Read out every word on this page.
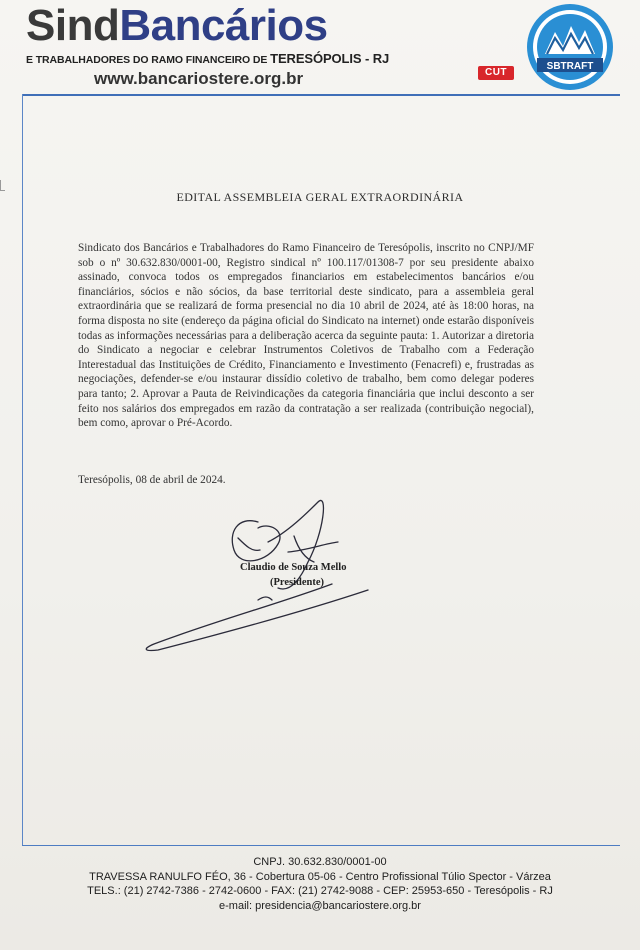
SindBancários
E TRABALHADORES DO RAMO FINANCEIRO DE TERESÓPOLIS - RJ
www.bancariostere.org.br	CUT
SBTRAFT
EDITAL ASSEMBLEIA GERAL EXTRAORDINÁRIA
Sindicato dos Bancários e Trabalhadores do Ramo Financeiro de Teresópolis, inscrito no CNPJ/MF sob o nº 30.632.830/0001-00, Registro sindical nº 100.117/01308-7 por seu presidente abaixo assinado, convoca todos os empregados financiarios em estabelecimentos bancários e/ou financiários, sócios e não sócios, da base territorial deste sindicato, para a assembleia geral extraordinária que se realizará de forma presencial no dia 10 abril de 2024, até às 18:00 horas, na forma disposta no site (endereço da página oficial do Sindicato na internet) onde estarão disponíveis todas as informações necessárias para a deliberação acerca da seguinte pauta: 1. Autorizar a diretoria do Sindicato a negociar e celebrar Instrumentos Coletivos de Trabalho com a Federação Interestadual das Instituições de Crédito, Financiamento e Investimento (Fenacrefi) e, frustradas as negociações, defender-se e/ou instaurar dissídio coletivo de trabalho, bem como delegar poderes para tanto; 2. Aprovar a Pauta de Reivindicações da categoria financiária que inclui desconto a ser feito nos salários dos empregados em razão da contratação a ser realizada (contribuição negocial), bem como, aprovar o Pré-Acordo.
Teresópolis, 08 de abril de 2024.
Claudio de Souza Mello
(Presidente)
CNPJ. 30.632.830/0001-00
TRAVESSA RANULFO FÉO, 36 - Cobertura 05-06 - Centro Profissional Túlio Spector - Várzea
TELS.: (21) 2742-7386 - 2742-0600 - FAX: (21) 2742-9088 - CEP: 25953-650 - Teresópolis - RJ
e-mail: presidencia@bancariostere.org.br
